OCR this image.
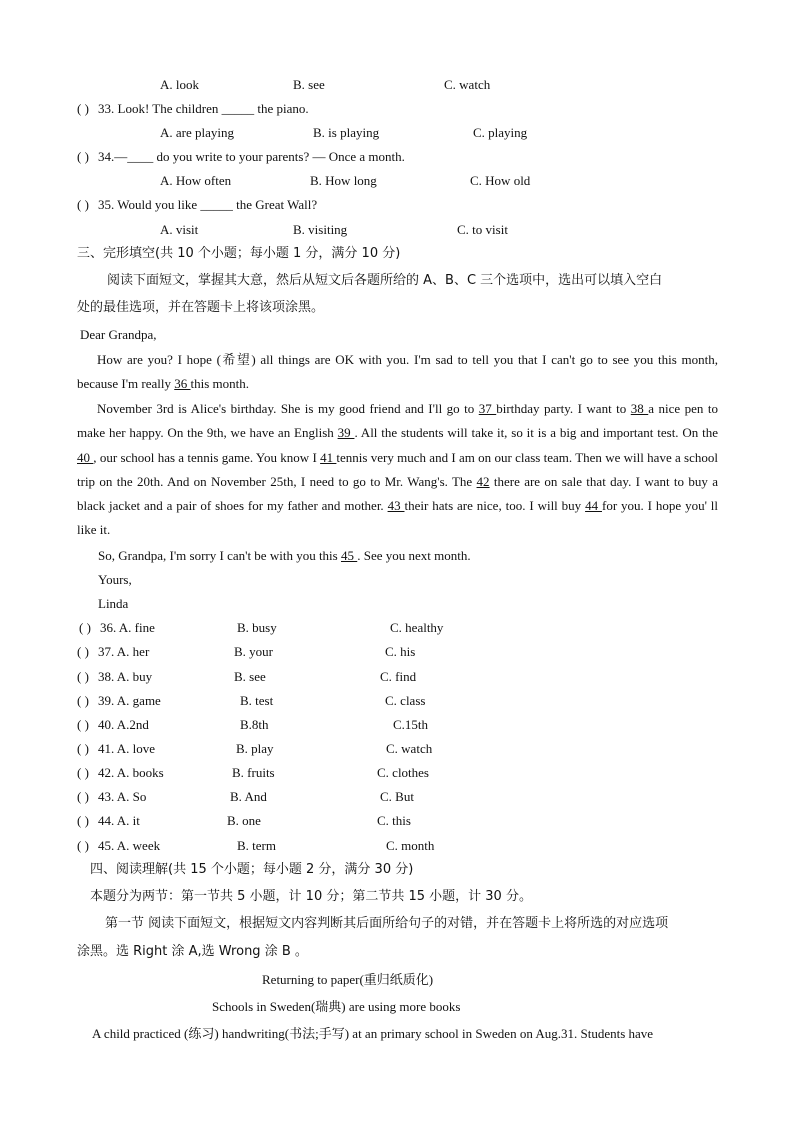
A. look	B. see	C. watch
( ) 33. Look! The children _____ the piano.
A. are playing	B. is playing	C. playing
( ) 34.—____ do you write to your parents? — Once a month.
A. How often	B. How long	C. How old
( ) 35. Would you like _____ the Great Wall?
A. visit	B. visiting	C. to visit
三、完形填空(共 10 个小题；每小题 1 分，满分 10 分)
阅读下面短文，掌握其大意，然后从短文后各题所给的 A、B、C 三个选项中，选出可以填入空白
处的最佳选项，并在答题卡上将该项涂黑。
Dear Grandpa,
How are you? I hope (希望) all things are OK with you. I'm sad to tell you that I can't go to see you this month, because I'm really 36 this month.
November 3rd is Alice's birthday. She is my good friend and I'll go to 37 birthday party. I want to 38 a nice pen to make her happy. On the 9th, we have an English 39 . All the students will take it, so it is a big and important test. On the 40 , our school has a tennis game. You know I 41 tennis very much and I am on our class team. Then we will have a school trip on the 20th. And on November 25th, I need to go to Mr. Wang's. The 42 there are on sale that day. I want to buy a black jacket and a pair of shoes for my father and mother. 43 their hats are nice, too. I will buy 44 for you. I hope you' ll like it.
So, Grandpa, I'm sorry I can't be with you this 45 . See you next month.
Yours,
Linda
( ) 36. A. fine	B. busy	C. healthy
( ) 37. A. her	B. your	C. his
( ) 38. A. buy	B. see	C. find
( ) 39. A. game	B. test	C. class
( ) 40. A.2nd	B.8th	C.15th
( ) 41. A. love	B. play	C. watch
( ) 42. A. books	B. fruits	C. clothes
( ) 43. A. So	B. And	C. But
( ) 44. A. it	B. one	C. this
( ) 45. A. week	B. term	C. month
四、阅读理解(共 15 个小题；每小题 2 分，满分 30 分)
本题分为两节：第一节共 5 小题，计 10 分；第二节共 15 小题，计 30 分。
第一节 阅读下面短文，根据短文内容判断其后面所给句子的对错，并在答题卡上将所选的对应选项
涂黑。选 Right 涂 A,选 Wrong 涂 B 。
Returning to paper(重归纸质化)
Schools in Sweden(瑞典) are using more books
A child practiced (练习) handwriting(书法;手写) at an primary school in Sweden on Aug.31. Students have
